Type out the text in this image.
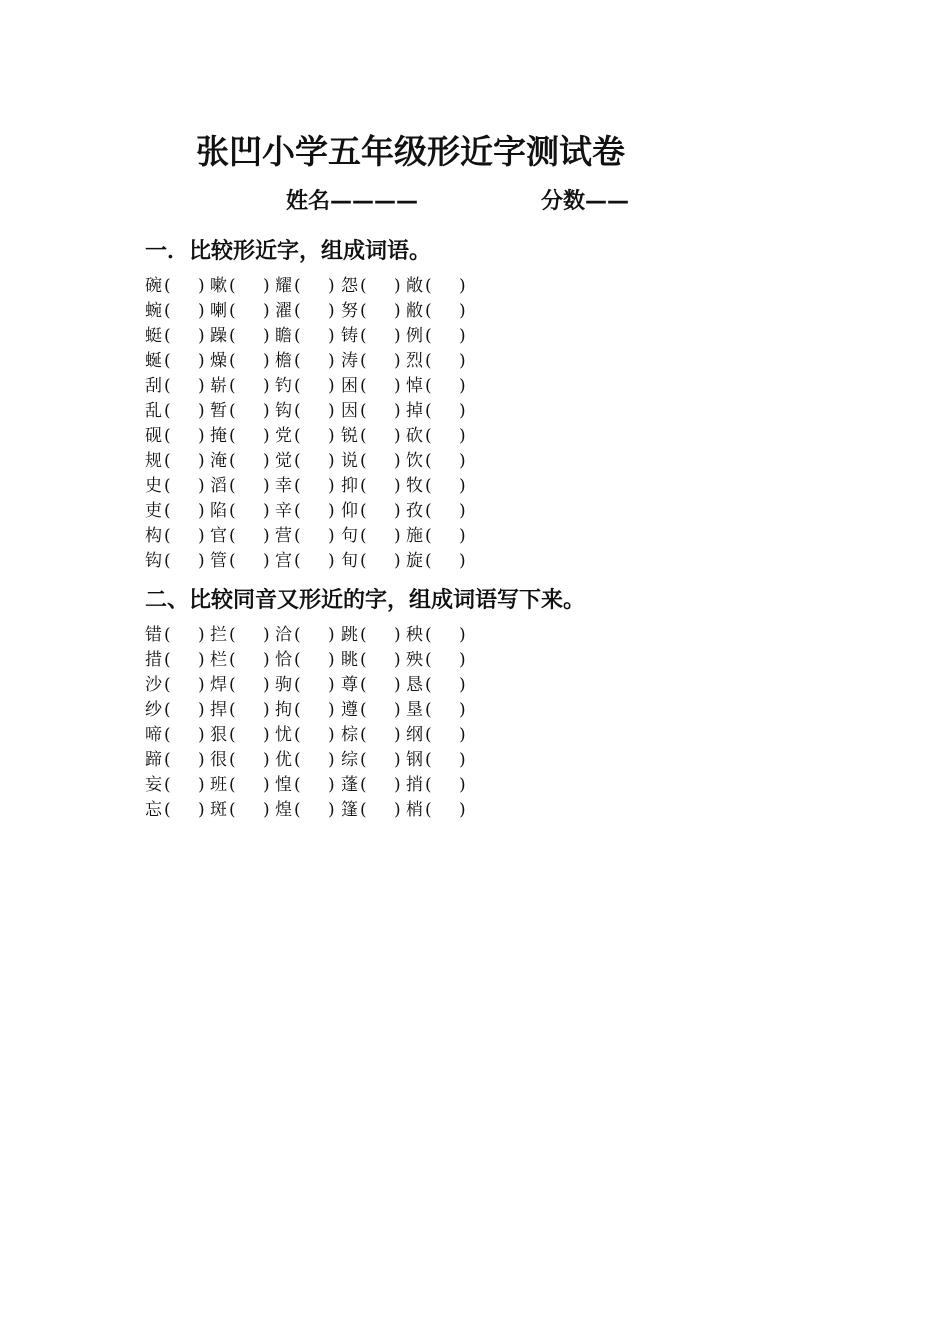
张凹小学五年级形近字测试卷
姓名————	分数——
一．比较形近字，组成词语。
碗 ( ) 嗽 ( ) 耀 ( ) 怨 ( ) 敞 ( )
蜿 ( ) 喇 ( ) 濯 ( ) 努 ( ) 敝 ( )
蜓 ( ) 躁 ( ) 瞻 ( ) 铸 ( ) 例 ( )
蜒 ( ) 燥 ( ) 檐 ( ) 涛 ( ) 烈 ( )
刮 ( ) 崭 ( ) 钓 ( ) 困 ( ) 悼 ( )
乱 ( ) 暂 ( ) 钩 ( ) 因 ( ) 掉 ( )
砚 ( ) 掩 ( ) 党 ( ) 锐 ( ) 砍 ( )
规 ( ) 淹 ( ) 觉 ( ) 说 ( ) 饮 ( )
史 ( ) 滔 ( ) 幸 ( ) 抑 ( ) 牧 ( )
吏 ( ) 陷 ( ) 辛 ( ) 仰 ( ) 孜 ( )
构 ( ) 官 ( ) 营 ( ) 句 ( ) 施 ( )
钩 ( ) 管 ( ) 宫 ( ) 旬 ( ) 旋 ( )
二、比较同音又形近的字，组成词语写下来。
错 ( ) 拦 ( ) 洽 ( ) 跳 ( ) 秧 ( )
措 ( ) 栏 ( ) 恰 ( ) 眺 ( ) 殃 ( )
沙 ( ) 焊 ( ) 驹 ( ) 尊 ( ) 恳 ( )
纱 ( ) 捍 ( ) 拘 ( ) 遵 ( ) 垦 ( )
啼 ( ) 狠 ( ) 忧 ( ) 棕 ( ) 纲 ( )
蹄 ( ) 很 ( ) 优 ( ) 综 ( ) 钢 ( )
妄 ( ) 班 ( ) 惶 ( ) 蓬 ( ) 捎 ( )
忘 ( ) 斑 ( ) 煌 ( ) 篷 ( ) 梢 ( )
